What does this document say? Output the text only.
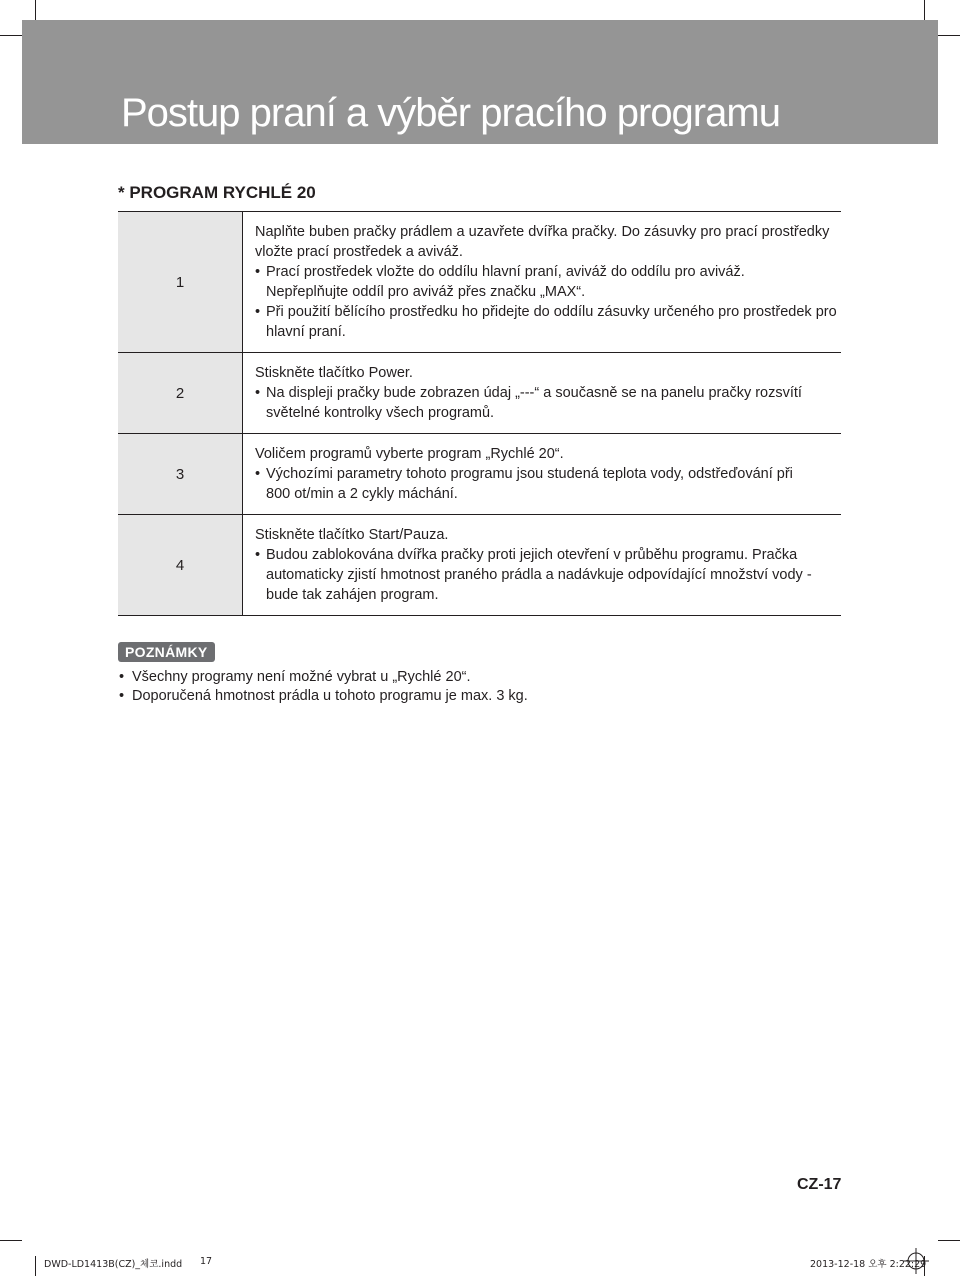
Postup praní a výběr pracího programu
* PROGRAM RYCHLÉ 20
1	Naplňte buben pračky prádlem a uzavřete dvířka pračky. Do zásuvky pro prací prostředky
vložte prací prostředek a aviváž.
• Prací prostředek vložte do oddílu hlavní praní, aviváž do oddílu pro aviváž. Nepřeplňujte oddíl pro aviváž přes značku „MAX“.
• Při použití bělícího prostředku ho přidejte do oddílu zásuvky určeného pro prostředek pro hlavní praní.

2	Stiskněte tlačítko Power.
• Na displeji pračky bude zobrazen údaj „---“ a současně se na panelu pračky rozsvítí světelné kontrolky všech programů.

3	Voličem programů vyberte program „Rychlé 20“.
• Výchozími parametry tohoto programu jsou studená teplota vody, odstřeďování při 800 ot/min a 2 cykly máchání.

4	Stiskněte tlačítko Start/Pauza.
• Budou zablokována dvířka pračky proti jejich otevření v průběhu programu. Pračka automaticky zjistí hmotnost praného prádla a nadávkuje odpovídající množství vody - bude tak zahájen program.
POZNÁMKY
• Všechny programy není možné vybrat u „Rychlé 20“.
• Doporučená hmotnost prádla u tohoto programu je max. 3 kg.
CZ-17
DWD-LD1413B(CZ)_체코.indd 17	2013-12-18 오후 2:22:29
